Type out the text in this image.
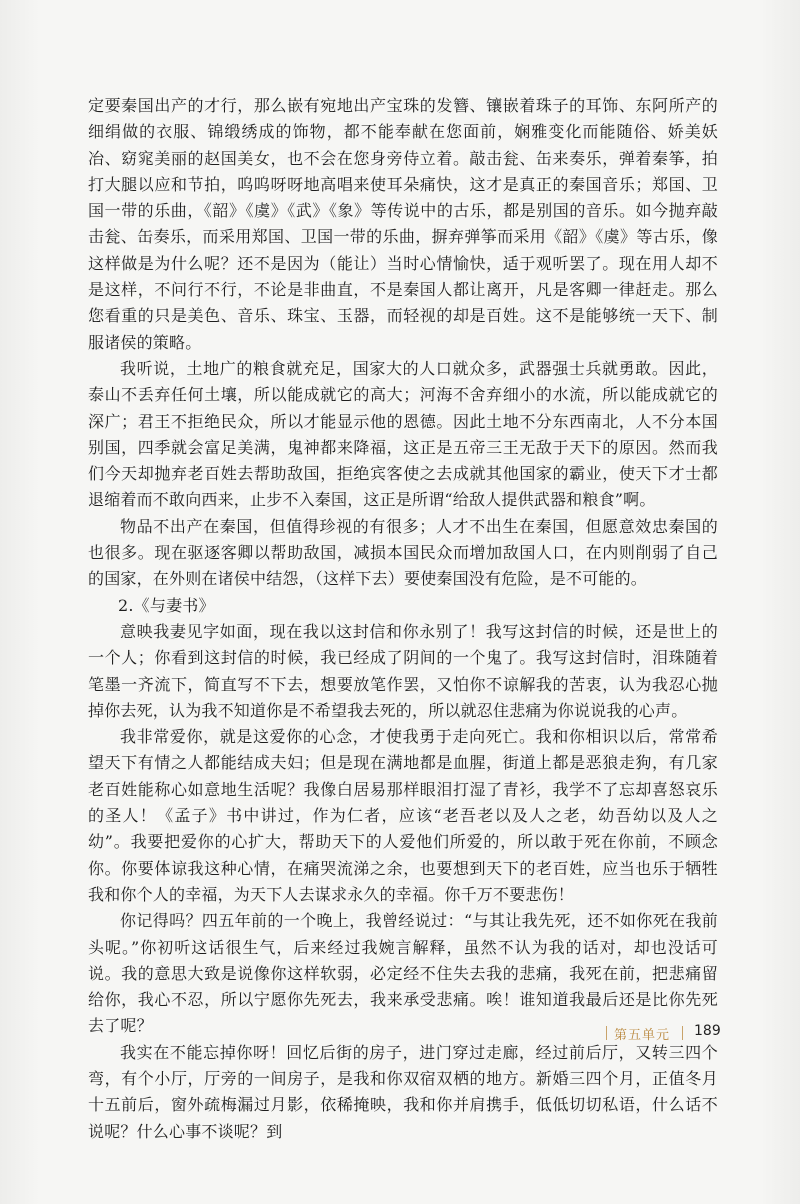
定要秦国出产的才行，那么嵌有宛地出产宝珠的发簪、镶嵌着珠子的耳饰、东阿所产的细绢做的衣服、锦缎绣成的饰物，都不能奉献在您面前，娴雅变化而能随俗、娇美妖冶、窈窕美丽的赵国美女，也不会在您身旁侍立着。敲击瓮、缶来奏乐，弹着秦筝，拍打大腿以应和节拍，呜呜呀呀地高唱来使耳朵痛快，这才是真正的秦国音乐；郑国、卫国一带的乐曲，《韶》《虞》《武》《象》等传说中的古乐，都是别国的音乐。如今抛弃敲击瓮、缶奏乐，而采用郑国、卫国一带的乐曲，摒弃弹筝而采用《韶》《虞》等古乐，像这样做是为什么呢？还不是因为（能让）当时心情愉快，适于观听罢了。现在用人却不是这样，不问行不行，不论是非曲直，不是秦国人都让离开，凡是客卿一律赶走。那么您看重的只是美色、音乐、珠宝、玉器，而轻视的却是百姓。这不是能够统一天下、制服诸侯的策略。

我听说，土地广的粮食就充足，国家大的人口就众多，武器强士兵就勇敢。因此，泰山不丢弃任何土壤，所以能成就它的高大；河海不舍弃细小的水流，所以能成就它的深广；君王不拒绝民众，所以才能显示他的恩德。因此土地不分东西南北，人不分本国别国，四季就会富足美满，鬼神都来降福，这正是五帝三王无敌于天下的原因。然而我们今天却抛弃老百姓去帮助敌国，拒绝宾客使之去成就其他国家的霸业，使天下才士都退缩着而不敢向西来，止步不入秦国，这正是所谓“给敌人提供武器和粮食”啊。

物品不出产在秦国，但值得珍视的有很多；人才不出生在秦国，但愿意效忠秦国的也很多。现在驱逐客卿以帮助敌国，减损本国民众而增加敌国人口，在内则削弱了自己的国家，在外则在诸侯中结怨，（这样下去）要使秦国没有危险，是不可能的。

2.《与妻书》

意映我妻见字如面，现在我以这封信和你永别了！我写这封信的时候，还是世上的一个人；你看到这封信的时候，我已经成了阴间的一个鬼了。我写这封信时，泪珠随着笔墨一齐流下，简直写不下去，想要放笔作罢，又怕你不谅解我的苦衷，认为我忍心抛掉你去死，认为我不知道你是不希望我去死的，所以就忍住悲痛为你说说我的心声。

我非常爱你，就是这爱你的心念，才使我勇于走向死亡。我和你相识以后，常常希望天下有情之人都能结成夫妇；但是现在满地都是血腥，街道上都是恶狼走狗，有几家老百姓能称心如意地生活呢？我像白居易那样眼泪打湿了青衫，我学不了忘却喜怒哀乐的圣人！《孟子》书中讲过，作为仁者，应该“老吾老以及人之老，幼吾幼以及人之幼”。我要把爱你的心扩大，帮助天下的人爱他们所爱的，所以敢于死在你前，不顾念你。你要体谅我这种心情，在痛哭流涕之余，也要想到天下的老百姓，应当也乐于牺牲我和你个人的幸福，为天下人去谋求永久的幸福。你千万不要悲伤！

你记得吗？四五年前的一个晚上，我曾经说过：“与其让我先死，还不如你死在我前头呢。”你初听这话很生气，后来经过我婉言解释，虽然不认为我的话对，却也没话可说。我的意思大致是说像你这样软弱，必定经不住失去我的悲痛，我死在前，把悲痛留给你，我心不忍，所以宁愿你先死去，我来承受悲痛。唉！谁知道我最后还是比你先死去了呢？

我实在不能忘掉你呀！回忆后街的房子，进门穿过走廊，经过前后厅，又转三四个弯，有个小厅，厅旁的一间房子，是我和你双宿双栖的地方。新婚三四个月，正值冬月十五前后，窗外疏梅漏过月影，依稀掩映，我和你并肩携手，低低切切私语，什么话不说呢？什么心事不谈呢？到

第五单元 189
